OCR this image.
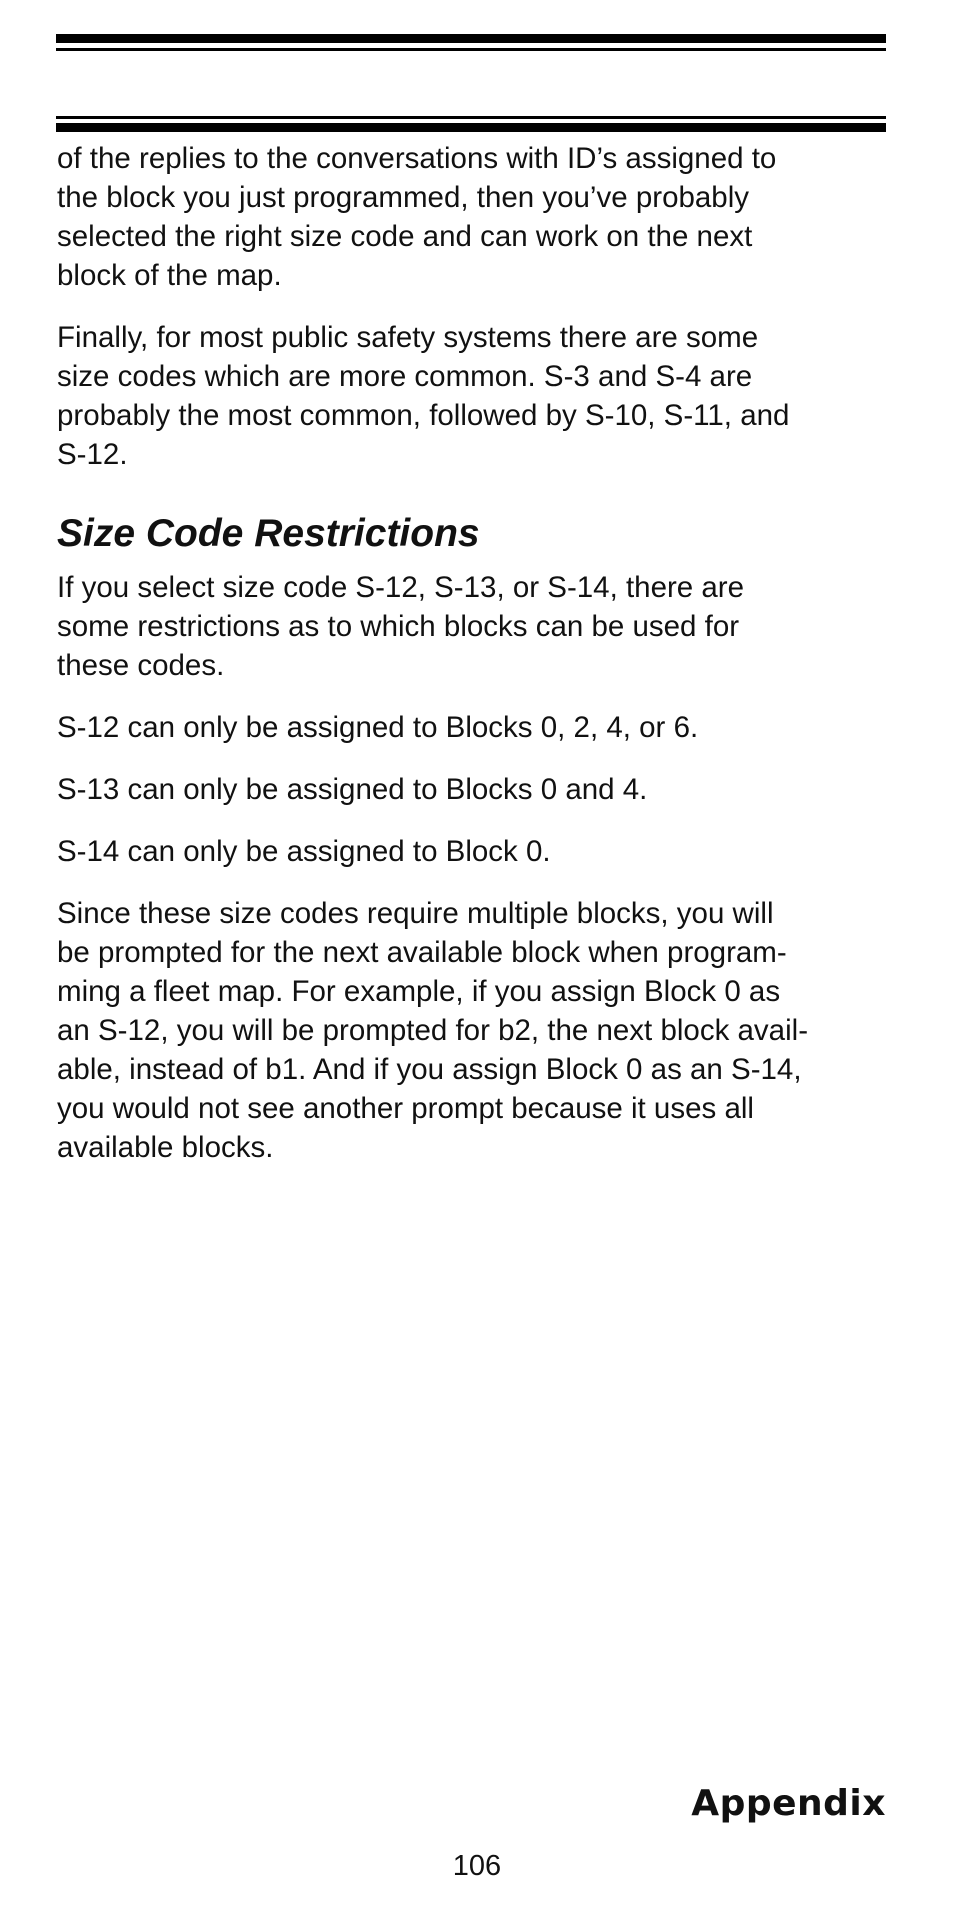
of the replies to the conversations with ID’s assigned to
the block you just programmed, then you’ve probably
selected the right size code and can work on the next
block of the map.

Finally, for most public safety systems there are some
size codes which are more common. S-3 and S-4 are
probably the most common, followed by S-10, S-11, and
S-12.

Size Code Restrictions

If you select size code S-12, S-13, or S-14, there are
some restrictions as to which blocks can be used for
these codes.

S-12 can only be assigned to Blocks 0, 2, 4, or 6.

S-13 can only be assigned to Blocks 0 and 4.

S-14 can only be assigned to Block 0.

Since these size codes require multiple blocks, you will
be prompted for the next available block when program-
ming a fleet map. For example, if you assign Block 0 as
an S-12, you will be prompted for b2, the next block avail-
able, instead of b1. And if you assign Block 0 as an S-14,
you would not see another prompt because it uses all
available blocks.

Appendix
106
